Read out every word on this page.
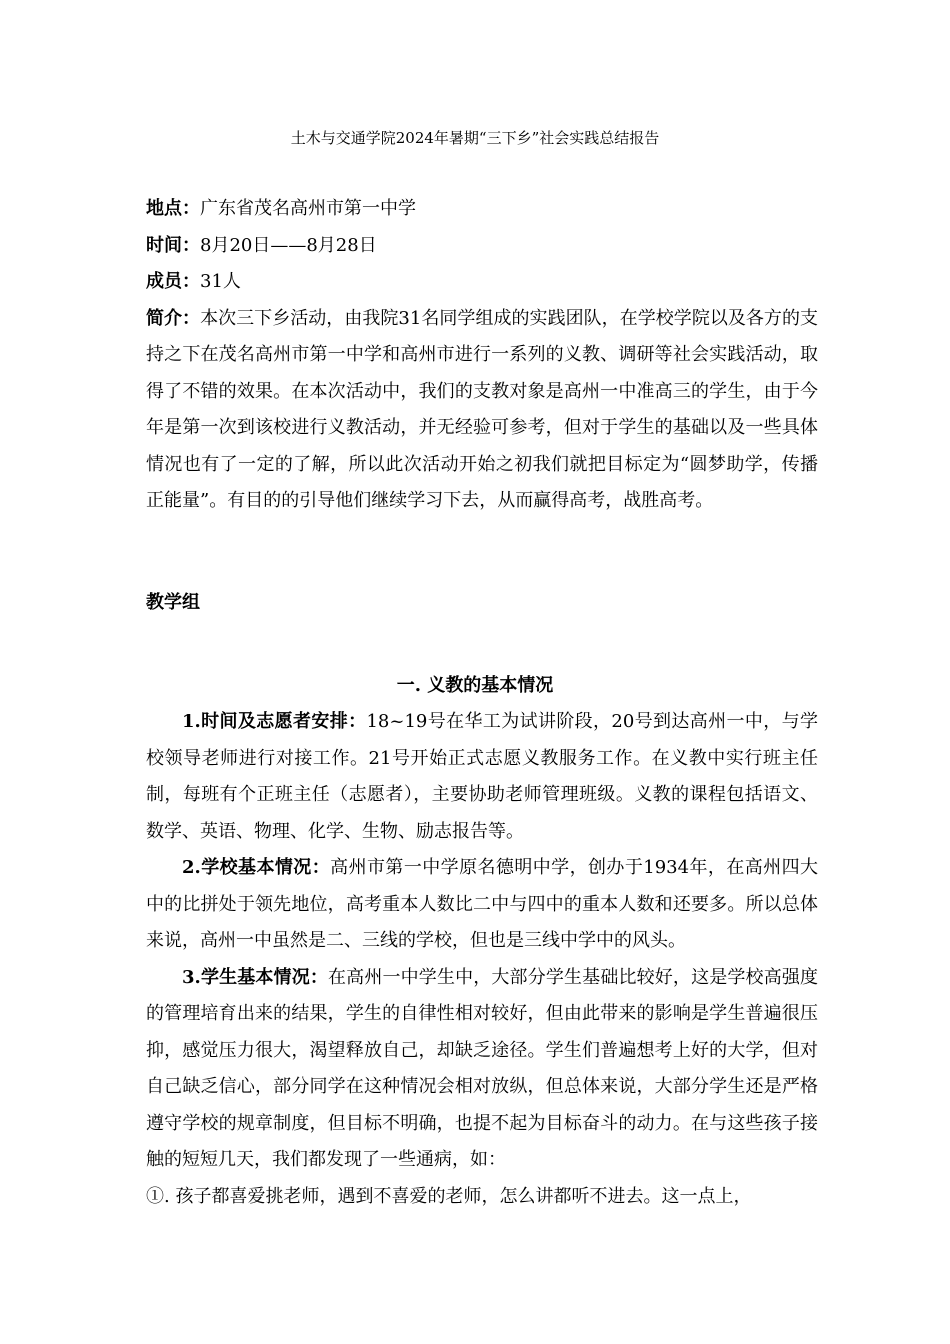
土木与交通学院2024年暑期“三下乡”社会实践总结报告

地点：广东省茂名高州市第一中学

时间：8月20日——8月28日

成员：31人

简介：本次三下乡活动，由我院31名同学组成的实践团队，在学校学院以及各方的支持之下在茂名高州市第一中学和高州市进行一系列的义教、调研等社会实践活动，取得了不错的效果。在本次活动中，我们的支教对象是高州一中准高三的学生，由于今年是第一次到该校进行义教活动，并无经验可参考，但对于学生的基础以及一些具体情况也有了一定的了解，所以此次活动开始之初我们就把目标定为“圆梦助学，传播正能量”。有目的的引导他们继续学习下去，从而赢得高考，战胜高考。

教学组

一. 义教的基本情况

1.时间及志愿者安排：18~19号在华工为试讲阶段，20号到达高州一中，与学校领导老师进行对接工作。21号开始正式志愿义教服务工作。在义教中实行班主任制，每班有个正班主任（志愿者），主要协助老师管理班级。义教的课程包括语文、数学、英语、物理、化学、生物、励志报告等。

2.学校基本情况：高州市第一中学原名德明中学，创办于1934年，在高州四大中的比拼处于领先地位，高考重本人数比二中与四中的重本人数和还要多。所以总体来说，高州一中虽然是二、三线的学校，但也是三线中学中的风头。

3.学生基本情况：在高州一中学生中，大部分学生基础比较好，这是学校高强度的管理培育出来的结果，学生的自律性相对较好，但由此带来的影响是学生普遍很压抑，感觉压力很大，渴望释放自己，却缺乏途径。学生们普遍想考上好的大学，但对自己缺乏信心，部分同学在这种情况会相对放纵，但总体来说，大部分学生还是严格遵守学校的规章制度，但目标不明确，也提不起为目标奋斗的动力。在与这些孩子接触的短短几天，我们都发现了一些通病，如：

①. 孩子都喜爱挑老师，遇到不喜爱的老师，怎么讲都听不进去。这一点上，
